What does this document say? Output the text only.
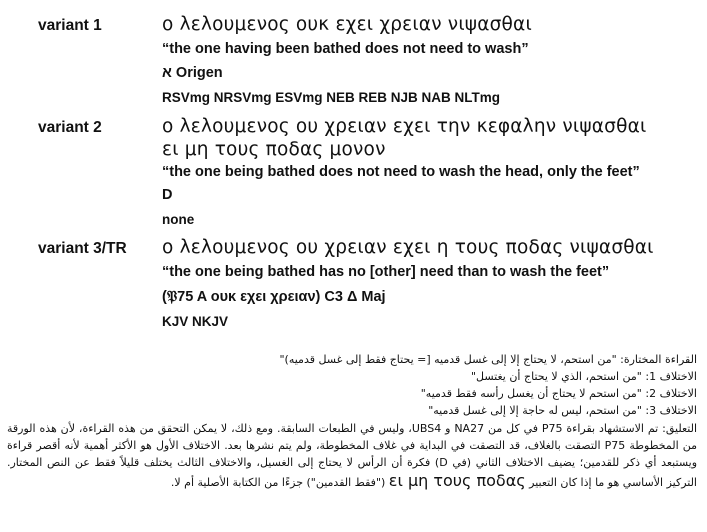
variant 1	ο λελουμενος ουκ εχει χρειαν νιψασθαι
“the one having been bathed does not need to wash”
א Origen
RSVmg NRSVmg ESVmg NEB REB NJB NAB NLTmg
variant 2	ο λελουμενος ου χρειαν εχει την κεφαλην νιψασθαι
ει μη τους ποδας μονον
“the one being bathed does not need to wash the head, only the feet”
D
none
variant 3/TR ο λελουμενος ου χρειαν εχει η τους ποδας νιψασθαι
“the one being bathed has no [other] need than to wash the feet”
(𝔓75 A ουκ εχει χρειαν) C3 Δ Maj
KJV NKJV
القراءة المختارة: "من استحم، لا يحتاج إلا إلى غسل قدميه [= يحتاج فقط إلى غسل قدميه)"
الاختلاف 1: "من استحم، الذي لا يحتاج أن يغتسل"
الاختلاف 2: "من استحم لا يحتاج أن يغسل رأسه فقط قدميه"
الاختلاف 3: "من استحم، ليس له حاجة إلا إلى غسل قدميه"
التعليق: تم الاستشهاد بقراءة P75 في كل من NA27 و UBS4، وليس في الطبعات السابقة. ومع ذلك، لا يمكن التحقق من هذه القراءة، لأن هذه الورقة من المخطوطة P75 التصقت بالغلاف، قد التصقت في البداية في غلاف المخطوطة، ولم يتم نشرها بعد. الاختلاف الأول هو الأكثر أهمية لأنه أقصر قراءة ويستبعد أي ذكر للقدمين؛ يضيف الاختلاف الثاني (في D) فكرة أن الرأس لا يحتاج إلى الغسيل، والاختلاف الثالث يختلف قليلاً فقط عن النص المختار. التركيز الأساسي هو ما إذا كان التعبير ει μη τους ποδας ("فقط القدمين") جزءًا من الكتابة الأصلية أم لا.
